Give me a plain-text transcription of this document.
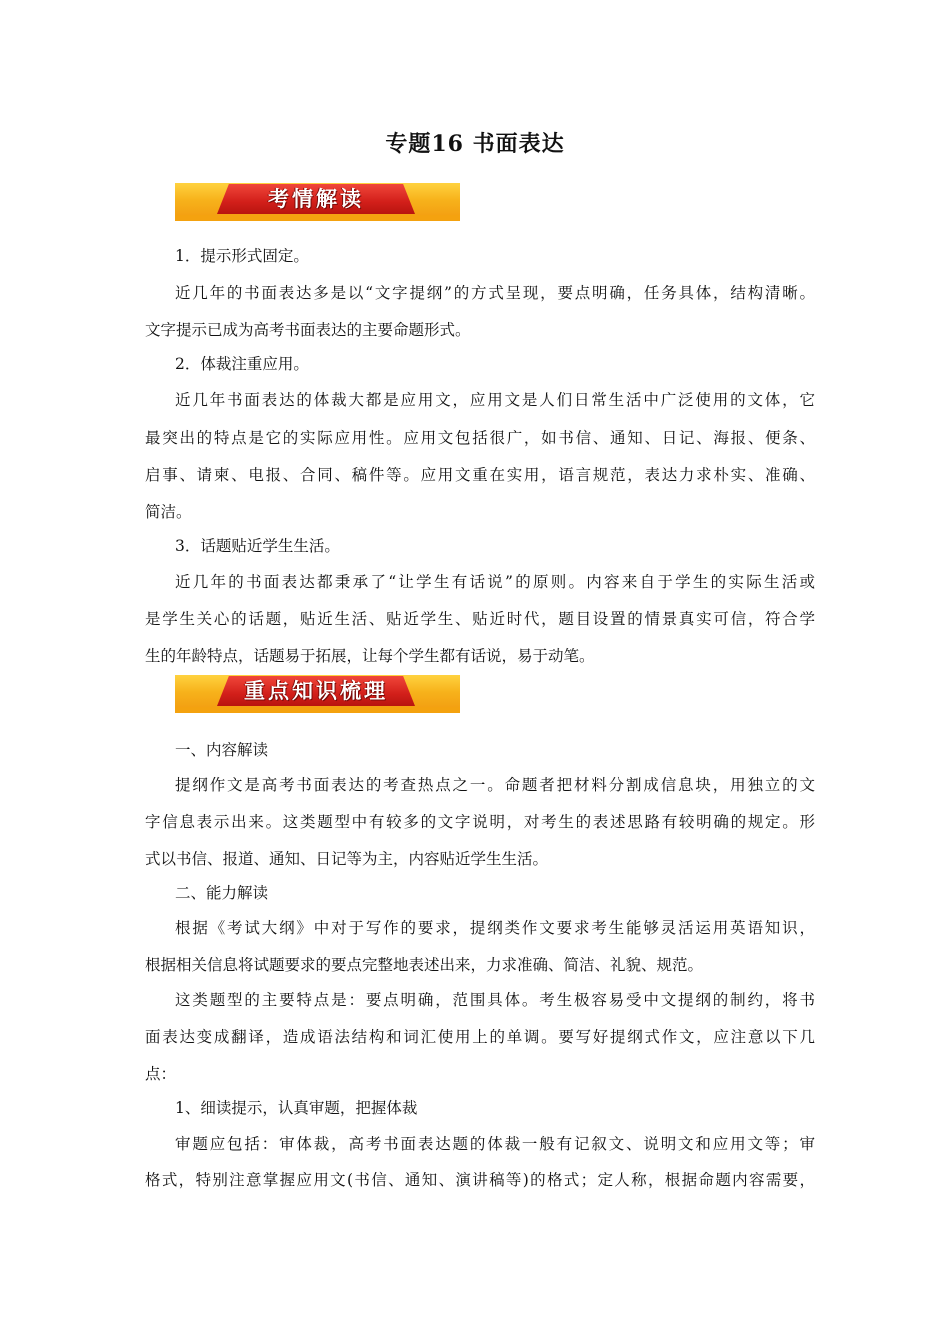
专题16 书面表达
考情解读
1．提示形式固定。
近几年的书面表达多是以“文字提纲”的方式呈现，要点明确，任务具体，结构清晰。
文字提示已成为高考书面表达的主要命题形式。
2．体裁注重应用。
近几年书面表达的体裁大都是应用文，应用文是人们日常生活中广泛使用的文体，它
最突出的特点是它的实际应用性。应用文包括很广，如书信、通知、日记、海报、便条、
启事、请柬、电报、合同、稿件等。应用文重在实用，语言规范，表达力求朴实、准确、
简洁。
3．话题贴近学生生活。
近几年的书面表达都秉承了“让学生有话说”的原则。内容来自于学生的实际生活或
是学生关心的话题，贴近生活、贴近学生、贴近时代，题目设置的情景真实可信，符合学
生的年龄特点，话题易于拓展，让每个学生都有话说，易于动笔。
重点知识梳理
一、内容解读
提纲作文是高考书面表达的考查热点之一。命题者把材料分割成信息块，用独立的文
字信息表示出来。这类题型中有较多的文字说明，对考生的表述思路有较明确的规定。形
式以书信、报道、通知、日记等为主，内容贴近学生生活。
二、能力解读
根据《考试大纲》中对于写作的要求，提纲类作文要求考生能够灵活运用英语知识，
根据相关信息将试题要求的要点完整地表述出来，力求准确、简洁、礼貌、规范。
这类题型的主要特点是：要点明确，范围具体。考生极容易受中文提纲的制约，将书
面表达变成翻译，造成语法结构和词汇使用上的单调。要写好提纲式作文，应注意以下几
点：
1、细读提示，认真审题，把握体裁
审题应包括：审体裁，高考书面表达题的体裁一般有记叙文、说明文和应用文等；审
格式，特别注意掌握应用文(书信、通知、演讲稿等)的格式；定人称，根据命题内容需要，
